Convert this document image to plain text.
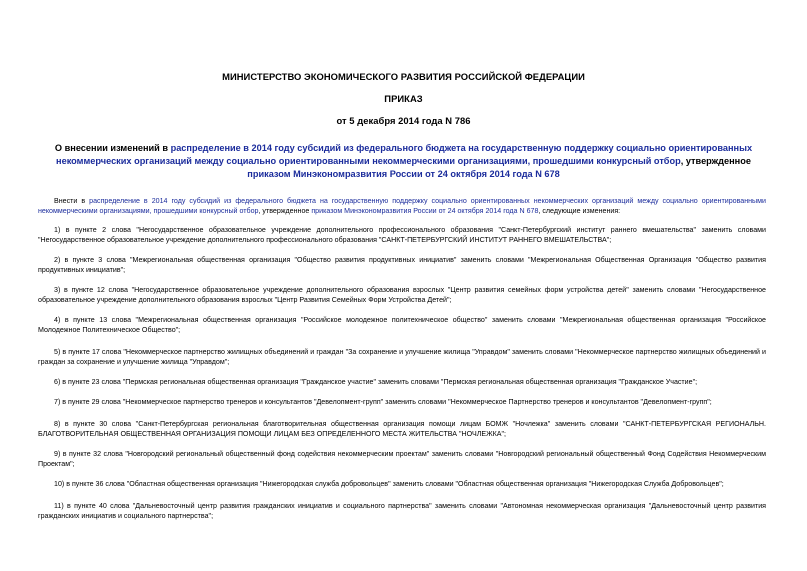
МИНИСТЕРСТВО ЭКОНОМИЧЕСКОГО РАЗВИТИЯ РОССИЙСКОЙ ФЕДЕРАЦИИ
ПРИКАЗ
от 5 декабря 2014 года N 786
О внесении изменений в распределение в 2014 году субсидий из федерального бюджета на государственную поддержку социально ориентированных некоммерческих организаций между социально ориентированными некоммерческими организациями, прошедшими конкурсный отбор, утвержденное приказом Минэкономразвития России от 24 октября 2014 года N 678
Внести в распределение в 2014 году субсидий из федерального бюджета на государственную поддержку социально ориентированных некоммерческих организаций между социально ориентированными некоммерческими организациями, прошедшими конкурсный отбор, утвержденное приказом Минэкономразвития России от 24 октября 2014 года N 678, следующие изменения:
1) в пункте 2 слова "Негосударственное образовательное учреждение дополнительного профессионального образования "Санкт-Петербургский институт раннего вмешательства" заменить словами "Негосударственное образовательное учреждение дополнительного профессионального образования "САНКТ-ПЕТЕРБУРГСКИЙ ИНСТИТУТ РАННЕГО ВМЕШАТЕЛЬСТВА";
2) в пункте 3 слова "Межрегиональная общественная организация "Общество развития продуктивных инициатив" заменить словами "Межрегиональная Общественная Организация "Общество развития продуктивных инициатив";
3) в пункте 12 слова "Негосударственное образовательное учреждение дополнительного образования взрослых "Центр развития семейных форм устройства детей" заменить словами "Негосударственное образовательное учреждение дополнительного образования взрослых "Центр Развития Семейных Форм Устройства Детей";
4) в пункте 13 слова "Межрегиональная общественная организация "Российское молодежное политехническое общество" заменить словами "Межрегиональная общественная организация "Российское Молодежное Политехническое Общество";
5) в пункте 17 слова "Некоммерческое партнерство жилищных объединений и граждан "За сохранение и улучшение жилища "Управдом" заменить словами "Некоммерческое партнерство жилищных объединений и граждан за сохранение и улучшение жилища "Управдом";
6) в пункте 23 слова "Пермская региональная общественная организация "Гражданское участие" заменить словами "Пермская региональная общественная организация "Гражданское Участие";
7) в пункте 29 слова "Некоммерческое партнерство тренеров и консультантов "Девелопмент-групп" заменить словами "Некоммерческое Партнерство тренеров и консультантов "Девелопмент-групп";
8) в пункте 30 слова "Санкт-Петербургская региональная благотворительная общественная организация помощи лицам БОМЖ "Ночлежка" заменить словами "САНКТ-ПЕТЕРБУРГСКАЯ РЕГИОНАЛЬН. БЛАГОТВОРИТЕЛЬНАЯ ОБЩЕСТВЕННАЯ ОРГАНИЗАЦИЯ ПОМОЩИ ЛИЦАМ БЕЗ ОПРЕДЕЛЕННОГО МЕСТА ЖИТЕЛЬСТВА "НОЧЛЕЖКА";
9) в пункте 32 слова "Новгородский региональный общественный фонд содействия некоммерческим проектам" заменить словами "Новгородский региональный общественный Фонд Содействия Некоммерческим Проектам";
10) в пункте 36 слова "Областная общественная организация "Нижегородская служба добровольцев" заменить словами "Областная общественная организация "Нижегородская Служба Добровольцев";
11) в пункте 40 слова "Дальневосточный центр развития гражданских инициатив и социального партнерства" заменить словами "Автономная некоммерческая организация "Дальневосточный центр развития гражданских инициатив и социального партнерства";
